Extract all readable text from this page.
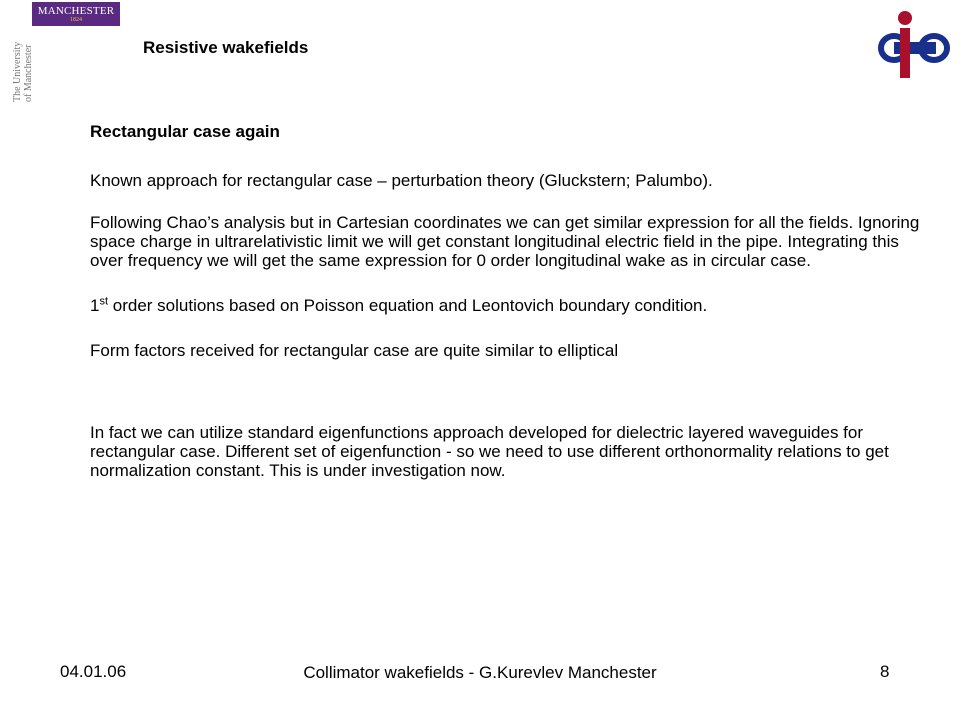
MANCHESTER
1824
The University of Manchester	Resistive wakefields

Rectangular case again

Known approach for rectangular case – perturbation theory (Gluckstern; Palumbo).

Following Chao’s analysis but in Cartesian coordinates we can get similar expression for all the fields. Ignoring space charge in ultrarelativistic limit we will get constant longitudinal electric field in the pipe. Integrating this over frequency we will get the same expression for 0 order longitudinal wake as in circular case.

1st order solutions based on Poisson equation and Leontovich boundary condition.

Form factors received for rectangular case are quite similar to elliptical

In fact we can utilize standard eigenfunctions approach developed for dielectric layered waveguides for rectangular case. Different set of eigenfunction - so we need to use different orthonormality relations to get normalization constant. This is under investigation now.

04.01.06	Collimator wakefields - G.Kurevlev Manchester	8
